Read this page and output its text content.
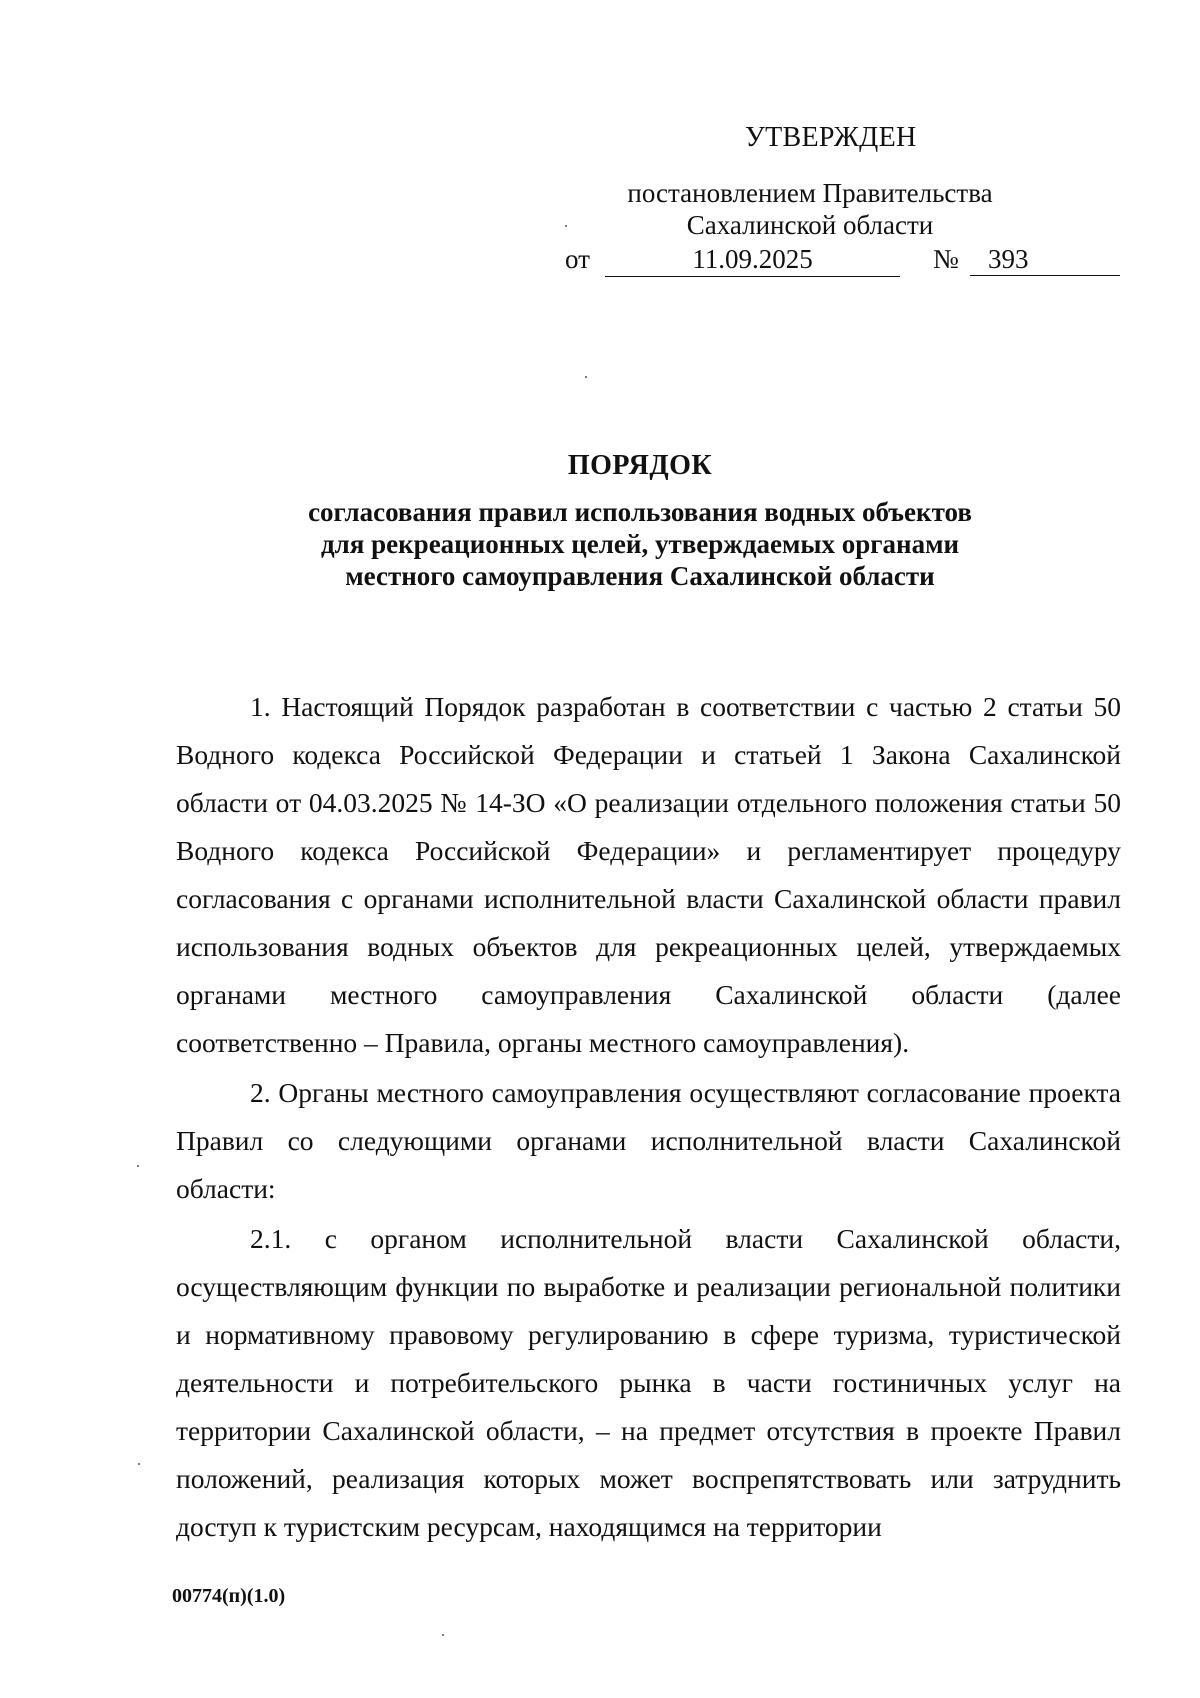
УТВЕРЖДЕН
постановлением Правительства
Сахалинской области
от	11.09.2025	№	393
ПОРЯДОК
согласования правил использования водных объектов
для рекреационных целей, утверждаемых органами
местного самоуправления Сахалинской области

1. Настоящий Порядок разработан в соответствии с частью 2 статьи 50 Водного кодекса Российской Федерации и статьей 1 Закона Сахалинской области от 04.03.2025 № 14-ЗО «О реализации отдельного положения статьи 50 Водного кодекса Российской Федерации» и регламентирует процедуру согласования с органами исполнительной власти Сахалинской области правил использования водных объектов для рекреационных целей, утверждаемых органами местного самоуправления Сахалинской области (далее соответственно – Правила, органы местного самоуправления).

2. Органы местного самоуправления осуществляют согласование проекта Правил со следующими органами исполнительной власти Сахалинской области:

2.1. с органом исполнительной власти Сахалинской области, осуществляющим функции по выработке и реализации региональной политики и нормативному правовому регулированию в сфере туризма, туристической деятельности и потребительского рынка в части гостиничных услуг на территории Сахалинской области, – на предмет отсутствия в проекте Правил положений, реализация которых может воспрепятствовать или затруднить доступ к туристским ресурсам, находящимся на территории

00774(п)(1.0)
